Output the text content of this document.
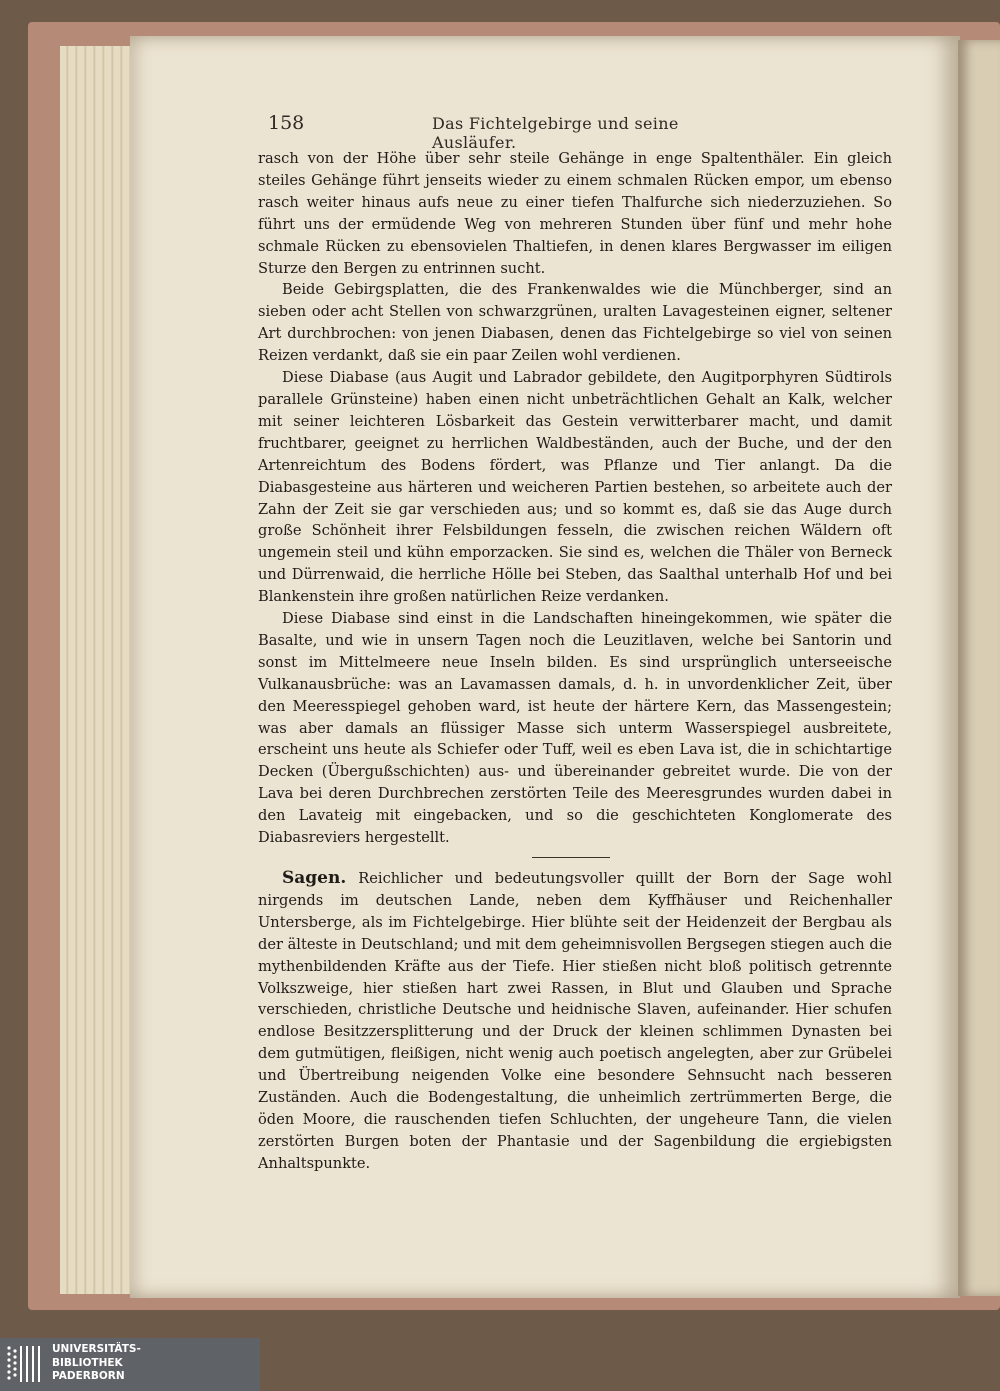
158	Das Fichtelgebirge und seine Ausläufer.

rasch von der Höhe über sehr steile Gehänge in enge Spaltenthäler. Ein gleich steiles Gehänge führt jenseits wieder zu einem schmalen Rücken empor, um ebenso rasch weiter hinaus aufs neue zu einer tiefen Thalfurche sich niederzuziehen. So führt uns der ermüdende Weg von mehreren Stunden über fünf und mehr hohe schmale Rücken zu ebensovielen Thaltiefen, in denen klares Bergwasser im eiligen Sturze den Bergen zu entrinnen sucht.

Beide Gebirgsplatten, die des Frankenwaldes wie die Münchberger, sind an sieben oder acht Stellen von schwarzgrünen, uralten Lavagesteinen eigner, seltener Art durchbrochen: von jenen Diabasen, denen das Fichtelgebirge so viel von seinen Reizen verdankt, daß sie ein paar Zeilen wohl verdienen.

Diese Diabase (aus Augit und Labrador gebildete, den Augitporphyren Südtirols parallele Grünsteine) haben einen nicht unbeträchtlichen Gehalt an Kalk, welcher mit seiner leichteren Lösbarkeit das Gestein verwitterbarer macht, und damit fruchtbarer, geeignet zu herrlichen Waldbeständen, auch der Buche, und der den Artenreichtum des Bodens fördert, was Pflanze und Tier anlangt. Da die Diabasgesteine aus härteren und weicheren Partien bestehen, so arbeitete auch der Zahn der Zeit sie gar verschieden aus; und so kommt es, daß sie das Auge durch große Schönheit ihrer Felsbildungen fesseln, die zwischen reichen Wäldern oft ungemein steil und kühn emporzacken. Sie sind es, welchen die Thäler von Berneck und Dürrenwaid, die herrliche Hölle bei Steben, das Saalthal unterhalb Hof und bei Blankenstein ihre großen natürlichen Reize verdanken.

Diese Diabase sind einst in die Landschaften hineingekommen, wie später die Basalte, und wie in unsern Tagen noch die Leuzitlaven, welche bei Santorin und sonst im Mittelmeere neue Inseln bilden. Es sind ursprünglich unterseeische Vulkanausbrüche: was an Lavamassen damals, d. h. in unvordenklicher Zeit, über den Meeresspiegel gehoben ward, ist heute der härtere Kern, das Massengestein; was aber damals an flüssiger Masse sich unterm Wasserspiegel ausbreitete, erscheint uns heute als Schiefer oder Tuff, weil es eben Lava ist, die in schichtartige Decken (Übergußschichten) aus- und übereinander gebreitet wurde. Die von der Lava bei deren Durchbrechen zerstörten Teile des Meeresgrundes wurden dabei in den Lavateig mit eingebacken, und so die geschichteten Konglomerate des Diabasreviers hergestellt.

Sagen. Reichlicher und bedeutungsvoller quillt der Born der Sage wohl nirgends im deutschen Lande, neben dem Kyffhäuser und Reichenhaller Untersberge, als im Fichtelgebirge. Hier blühte seit der Heidenzeit der Bergbau als der älteste in Deutschland; und mit dem geheimnisvollen Bergsegen stiegen auch die mythenbildenden Kräfte aus der Tiefe. Hier stießen nicht bloß politisch getrennte Volkszweige, hier stießen hart zwei Rassen, in Blut und Glauben und Sprache verschieden, christliche Deutsche und heidnische Slaven, aufeinander. Hier schufen endlose Besitzzersplitterung und der Druck der kleinen schlimmen Dynasten bei dem gutmütigen, fleißigen, nicht wenig auch poetisch angelegten, aber zur Grübelei und Übertreibung neigenden Volke eine besondere Sehnsucht nach besseren Zuständen. Auch die Bodengestaltung, die unheimlich zertrümmerten Berge, die öden Moore, die rauschenden tiefen Schluchten, der ungeheure Tann, die vielen zerstörten Burgen boten der Phantasie und der Sagenbildung die ergiebigsten Anhaltspunkte.

UNIVERSITÄTS-
BIBLIOTHEK
PADERBORN
